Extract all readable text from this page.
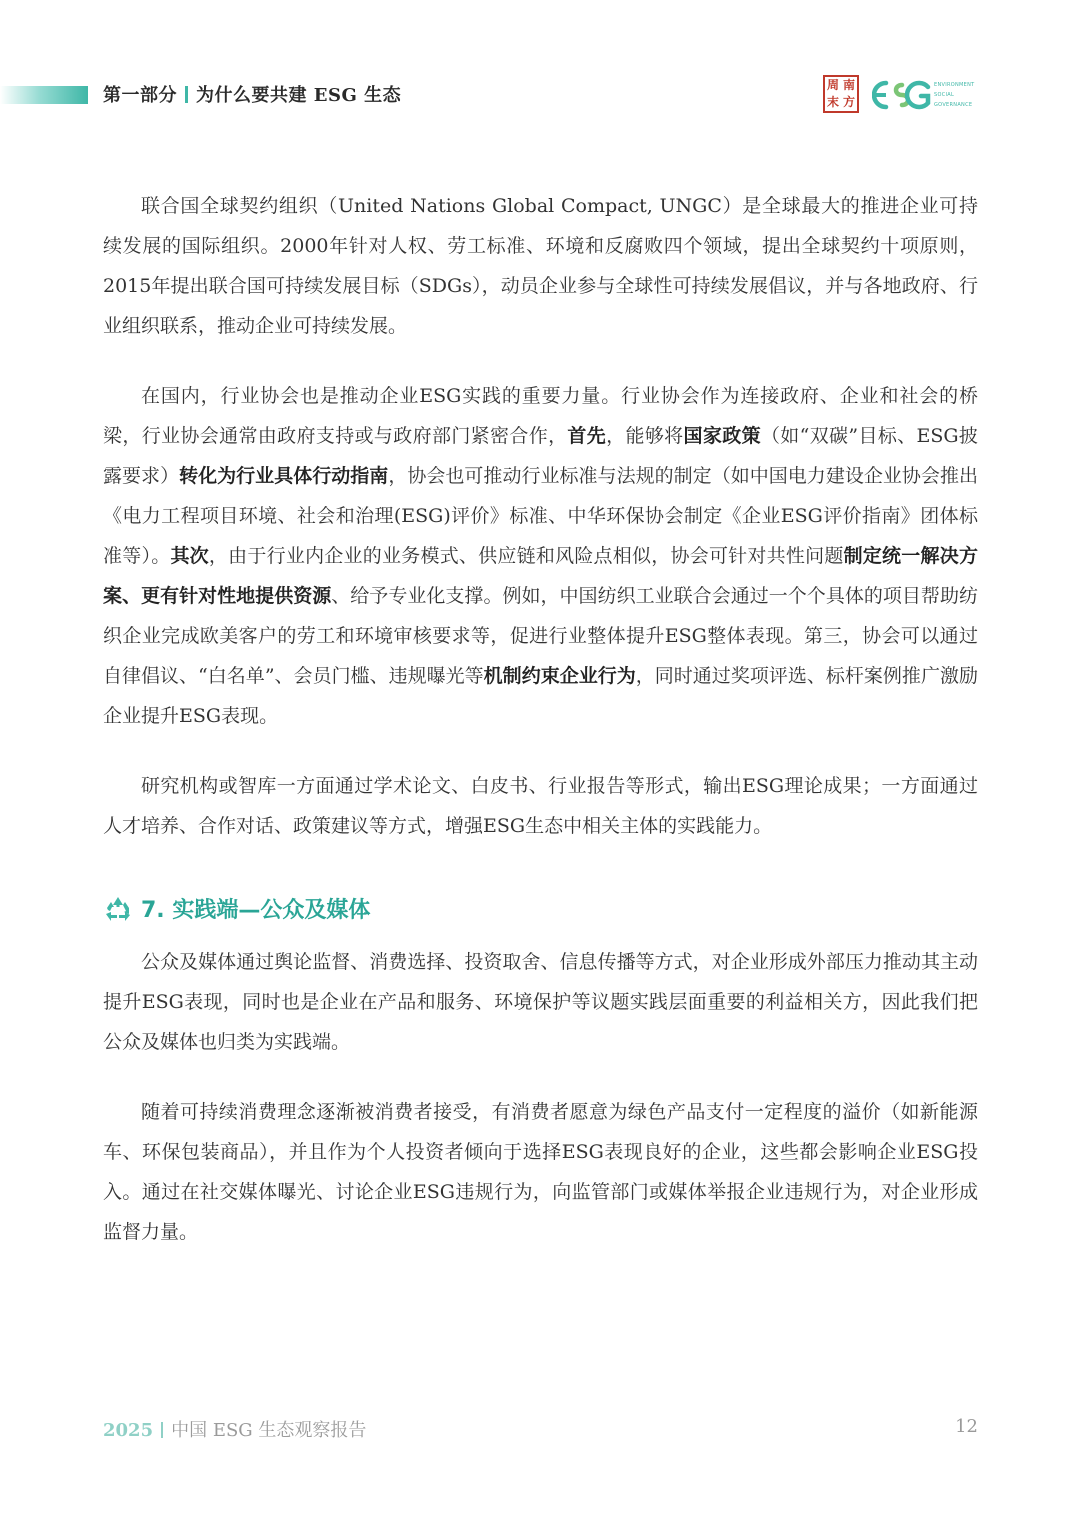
第一部分 为什么要共建 ESG 生态	周 南
末 方
ENVIRONMENT
SOCIAL
GOVERNANCE

联合国全球契约组织（United Nations Global Compact, UNGC）是全球最大的推进企业可持续发展的国际组织。2000年针对人权、劳工标准、环境和反腐败四个领域，提出全球契约十项原则，2015年提出联合国可持续发展目标（SDGs），动员企业参与全球性可持续发展倡议，并与各地政府、行业组织联系，推动企业可持续发展。

在国内，行业协会也是推动企业ESG实践的重要力量。行业协会作为连接政府、企业和社会的桥梁，行业协会通常由政府支持或与政府部门紧密合作，首先，能够将国家政策（如“双碳”目标、ESG披露要求）转化为行业具体行动指南，协会也可推动行业标准与法规的制定（如中国电力建设企业协会推出《电力工程项目环境、社会和治理(ESG)评价》标准、中华环保协会制定《企业ESG评价指南》团体标准等）。其次，由于行业内企业的业务模式、供应链和风险点相似，协会可针对共性问题制定统一解决方案、更有针对性地提供资源、给予专业化支撑。例如，中国纺织工业联合会通过一个个具体的项目帮助纺织企业完成欧美客户的劳工和环境审核要求等，促进行业整体提升ESG整体表现。第三，协会可以通过自律倡议、“白名单”、会员门槛、违规曝光等机制约束企业行为，同时通过奖项评选、标杆案例推广激励企业提升ESG表现。

研究机构或智库一方面通过学术论文、白皮书、行业报告等形式，输出ESG理论成果；一方面通过人才培养、合作对话、政策建议等方式，增强ESG生态中相关主体的实践能力。

7. 实践端—公众及媒体

公众及媒体通过舆论监督、消费选择、投资取舍、信息传播等方式，对企业形成外部压力推动其主动提升ESG表现，同时也是企业在产品和服务、环境保护等议题实践层面重要的利益相关方，因此我们把公众及媒体也归类为实践端。

随着可持续消费理念逐渐被消费者接受，有消费者愿意为绿色产品支付一定程度的溢价（如新能源车、环保包装商品），并且作为个人投资者倾向于选择ESG表现良好的企业，这些都会影响企业ESG投入。通过在社交媒体曝光、讨论企业ESG违规行为，向监管部门或媒体举报企业违规行为，对企业形成监督力量。

2025 中国 ESG 生态观察报告	12
